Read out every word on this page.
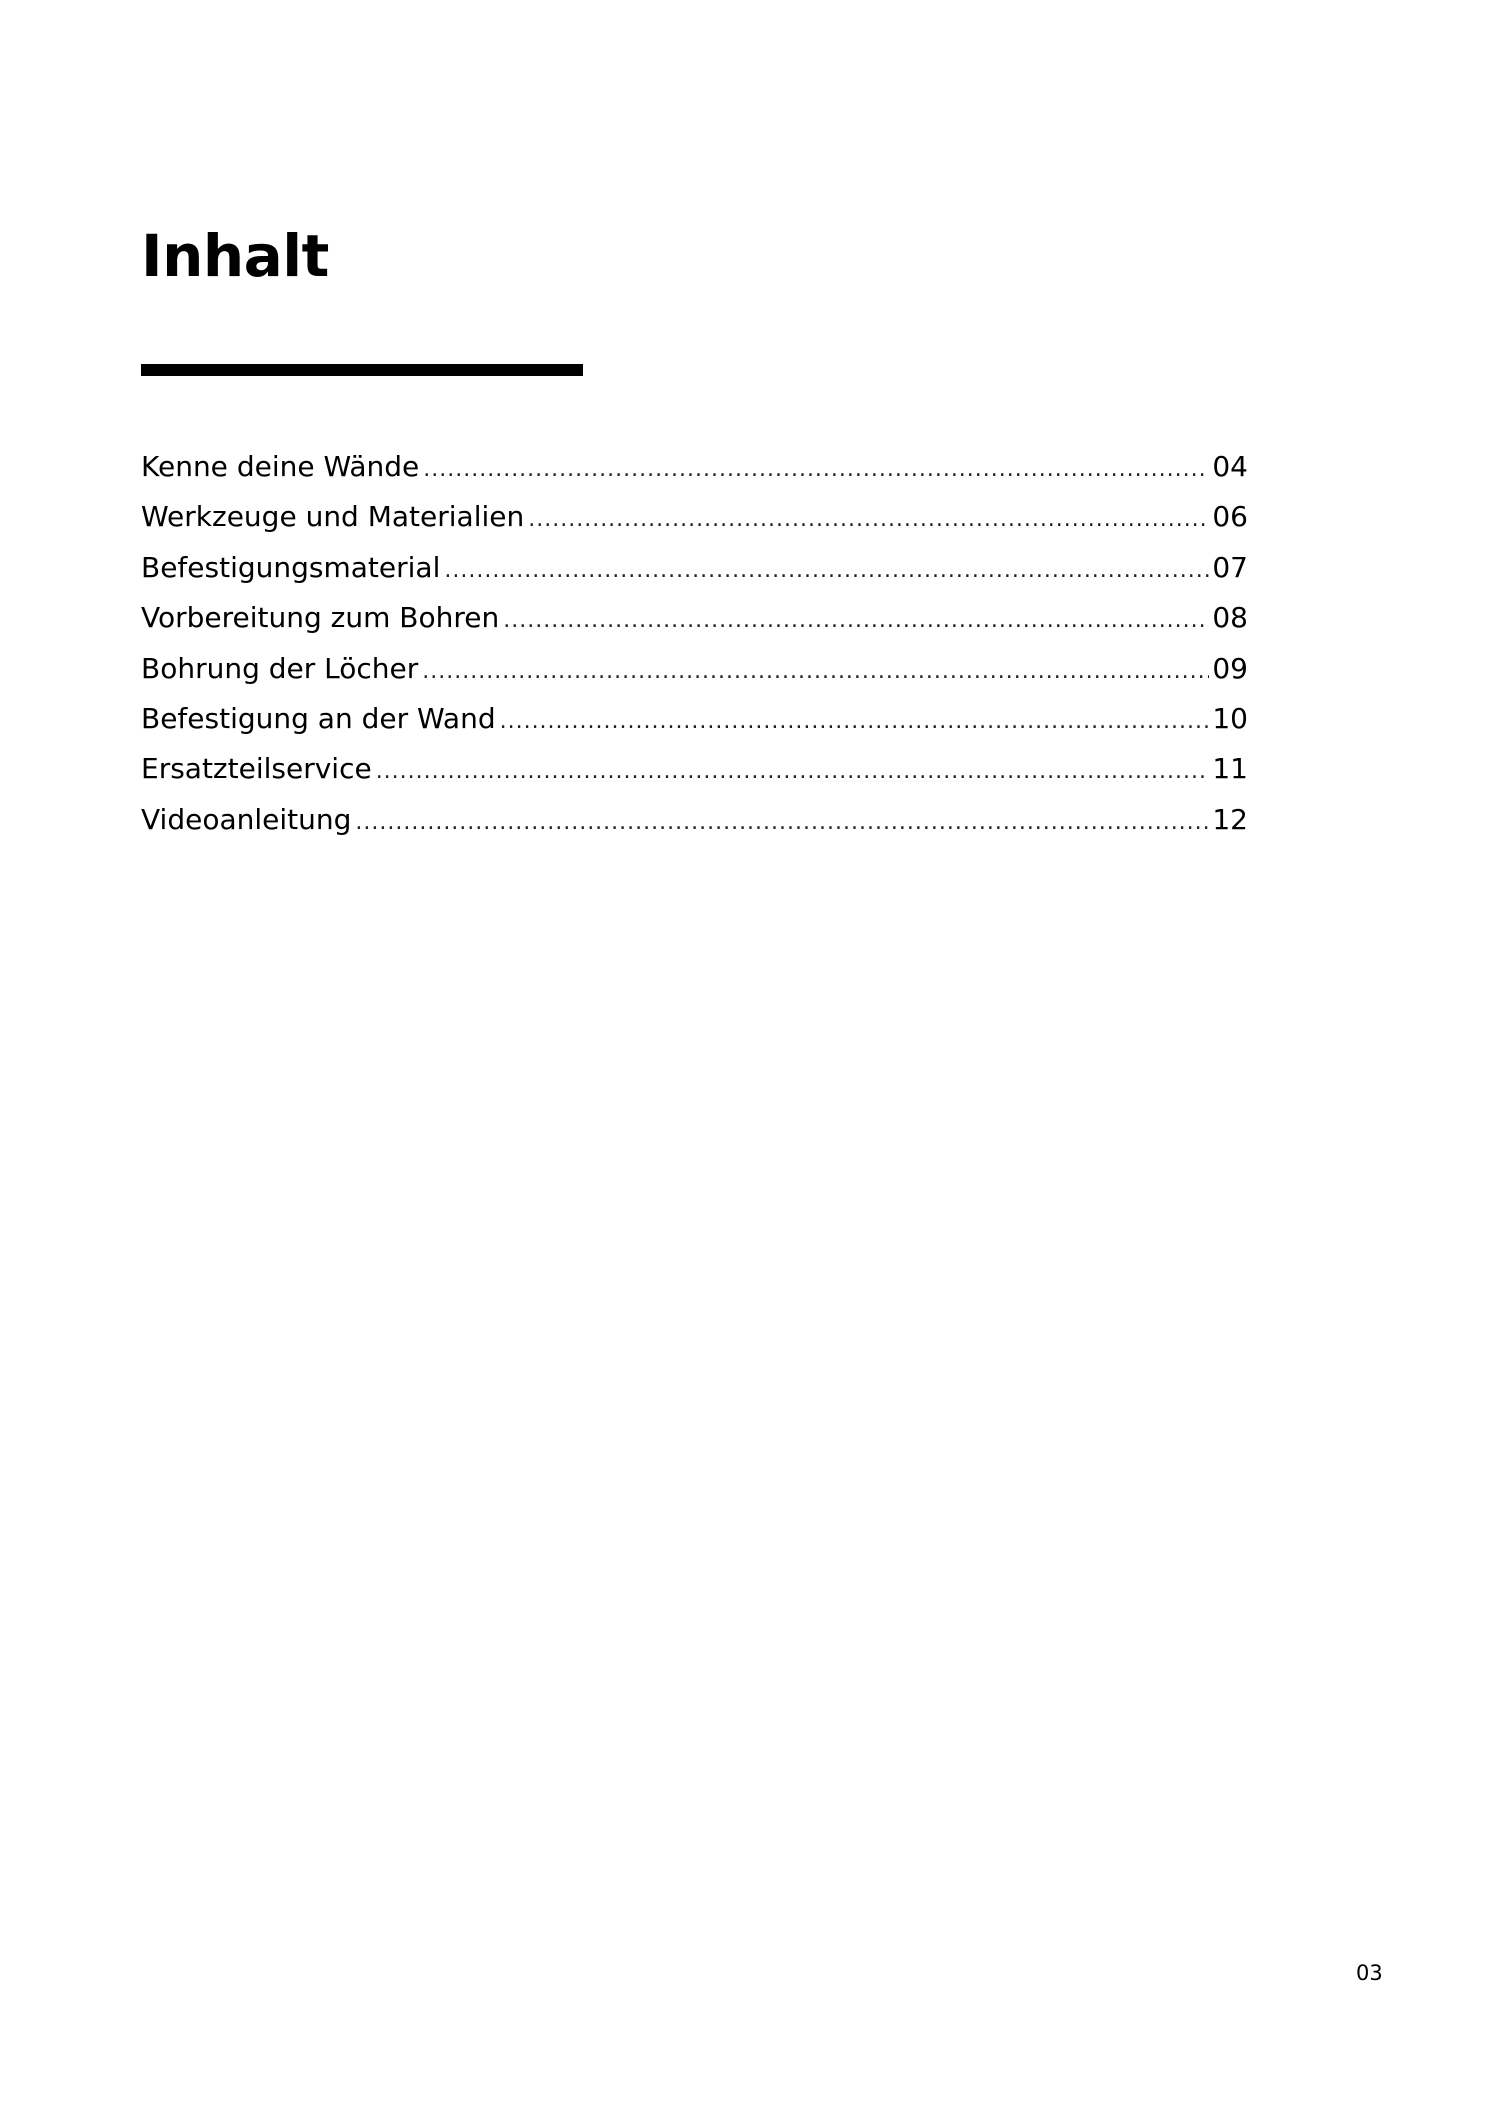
Inhalt
Kenne deine Wände .....	04
Werkzeuge und Materialien .....	06
Befestigungsmaterial .....	07
Vorbereitung zum Bohren .....	08
Bohrung der Löcher .....	09
Befestigung an der Wand .....	10
Ersatzteilservice .....	11
Videoanleitung .....	12
03
